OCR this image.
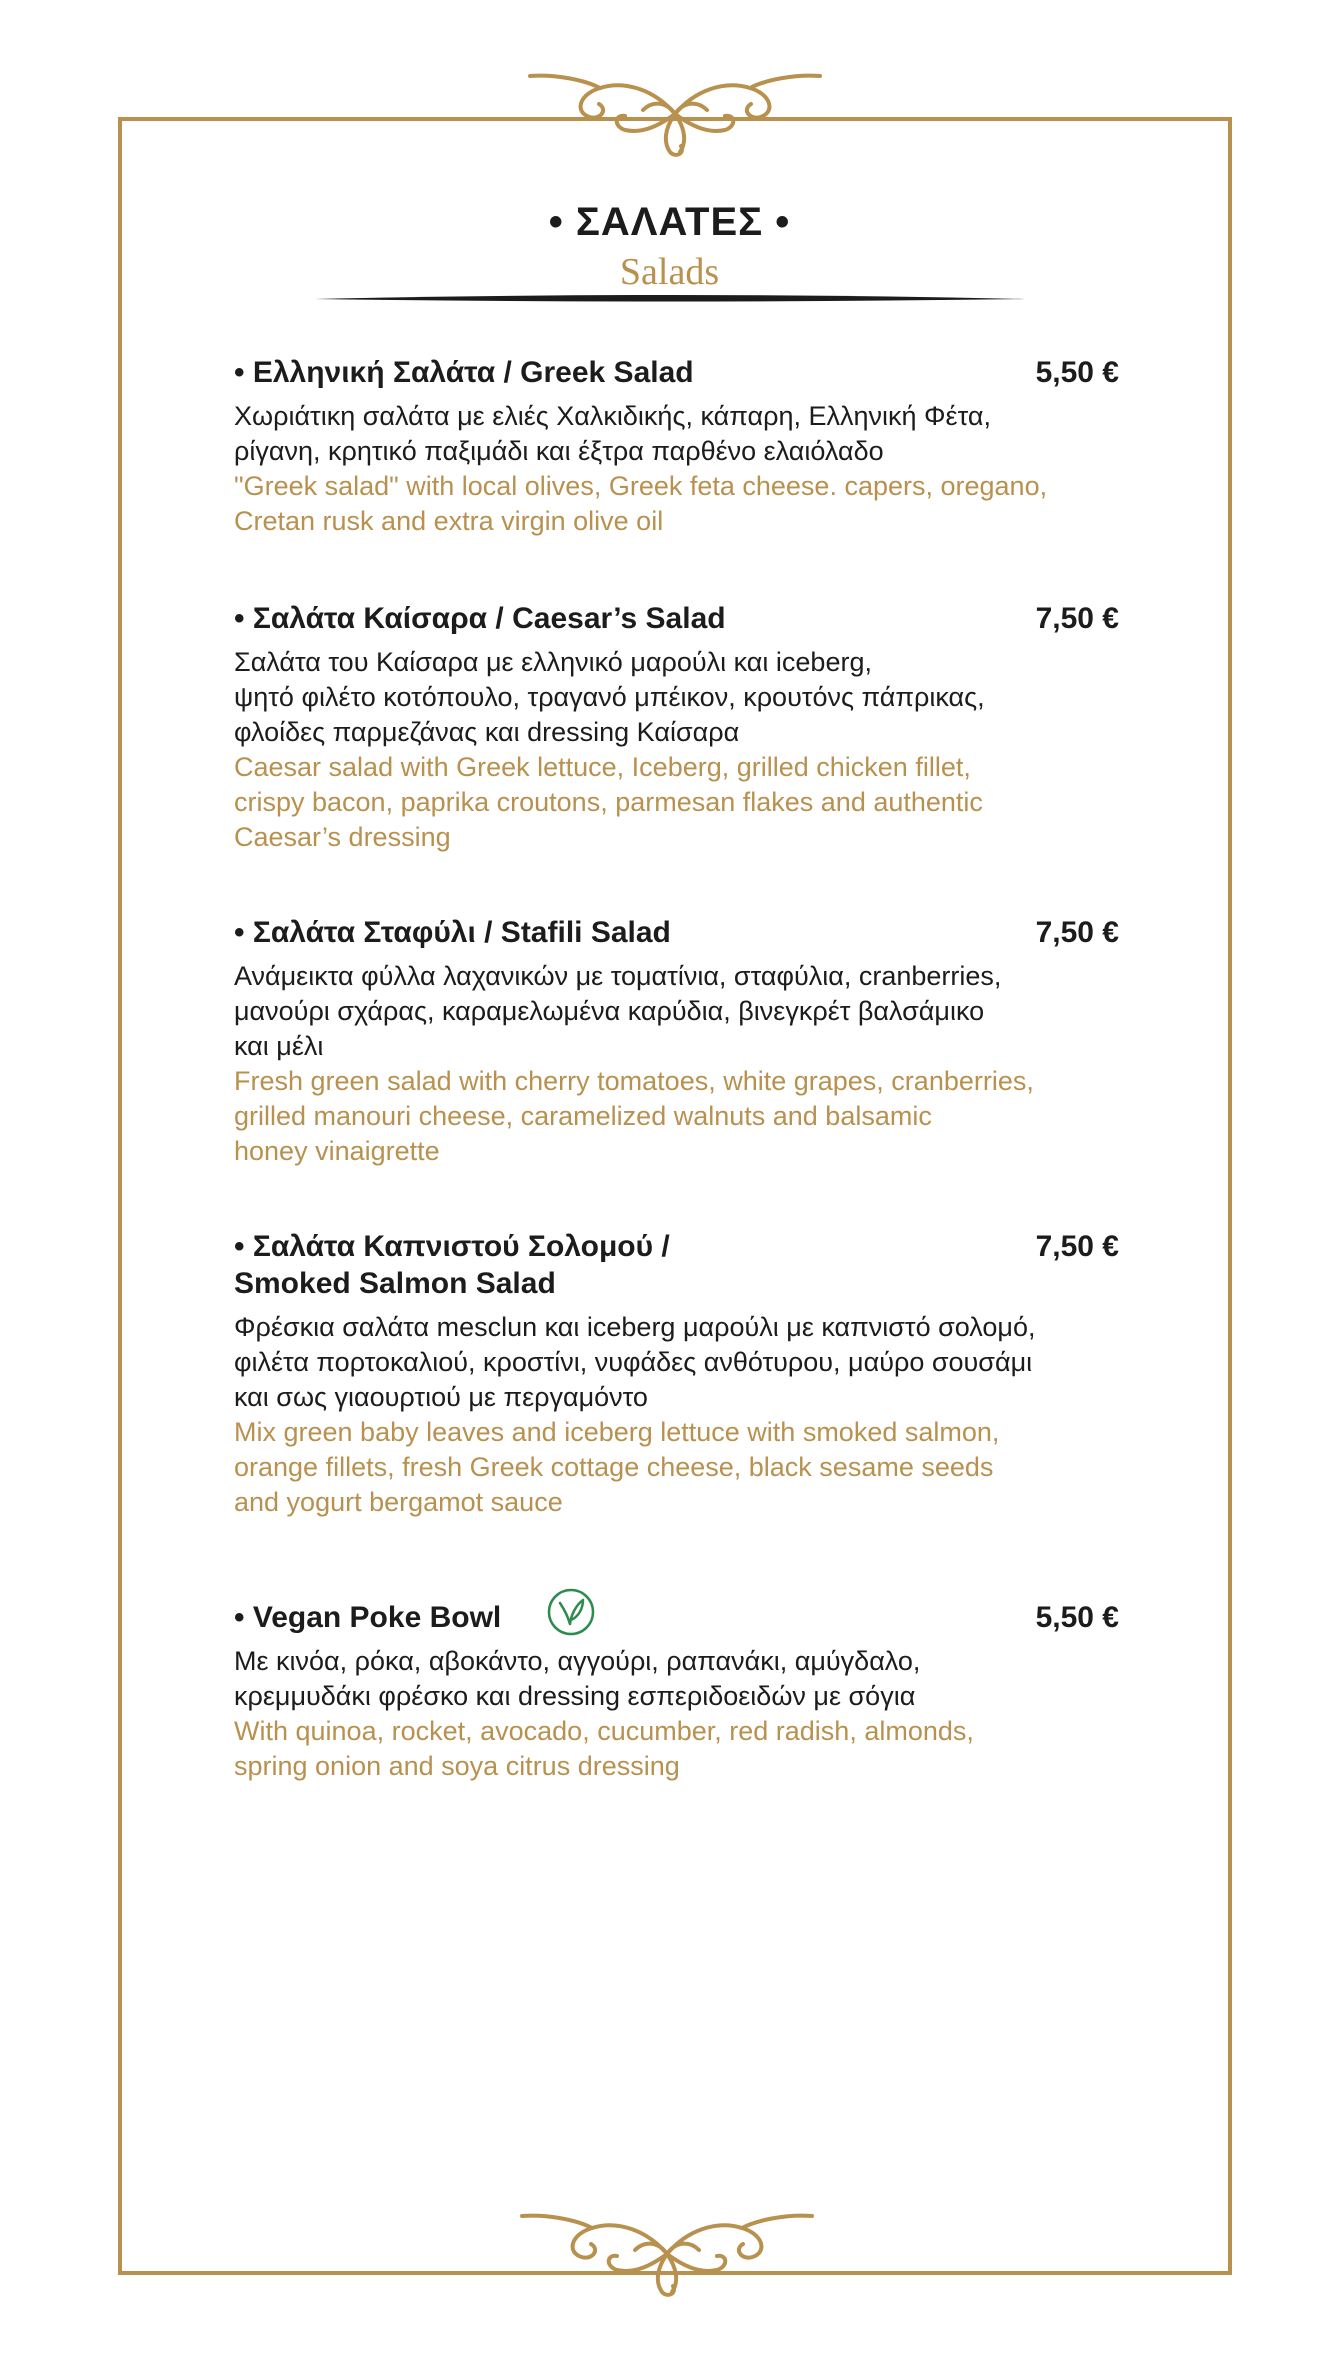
• ΣΑΛΑΤΕΣ •
Salads
• Ελληνική Σαλάτα / Greek Salad	5,50 €
Χωριάτικη σαλάτα με ελιές Χαλκιδικής, κάπαρη, Ελληνική Φέτα,
ρίγανη, κρητικό παξιμάδι και έξτρα παρθένο ελαιόλαδο
"Greek salad" with local olives, Greek feta cheese. capers, oregano,
Cretan rusk and extra virgin olive oil
• Σαλάτα Καίσαρα / Caesar’s Salad	7,50 €
Σαλάτα του Καίσαρα με ελληνικό μαρούλι και iceberg,
ψητό φιλέτο κοτόπουλο, τραγανό μπέικον, κρουτόνς πάπρικας,
φλοίδες παρμεζάνας και dressing Καίσαρα
Caesar salad with Greek lettuce, Iceberg, grilled chicken fillet,
crispy bacon, paprika croutons, parmesan flakes and authentic
Caesar’s dressing
• Σαλάτα Σταφύλι / Stafili Salad	7,50 €
Ανάμεικτα φύλλα λαχανικών με τοματίνια, σταφύλια, cranberries,
μανούρι σχάρας, καραμελωμένα καρύδια, βινεγκρέτ βαλσάμικο
και μέλι
Fresh green salad with cherry tomatoes, white grapes, cranberries,
grilled manouri cheese, caramelized walnuts and balsamic
honey vinaigrette
• Σαλάτα Καπνιστού Σολομού /
Smoked Salmon Salad
7,50 €
Φρέσκια σαλάτα mesclun και iceberg μαρούλι με καπνιστό σολομό,
φιλέτα πορτοκαλιού, κροστίνι, νυφάδες ανθότυρου, μαύρο σουσάμι
και σως γιαουρτιού με περγαμόντο
Mix green baby leaves and iceberg lettuce with smoked salmon,
orange fillets, fresh Greek cottage cheese, black sesame seeds
and yogurt bergamot sauce
• Vegan Poke Bowl	5,50 €
Με κινόα, ρόκα, αβοκάντο, αγγούρι, ραπανάκι, αμύγδαλο,
κρεμμυδάκι φρέσκο και dressing εσπεριδοειδών με σόγια
With quinoa, rocket, avocado, cucumber, red radish, almonds,
spring onion and soya citrus dressing
